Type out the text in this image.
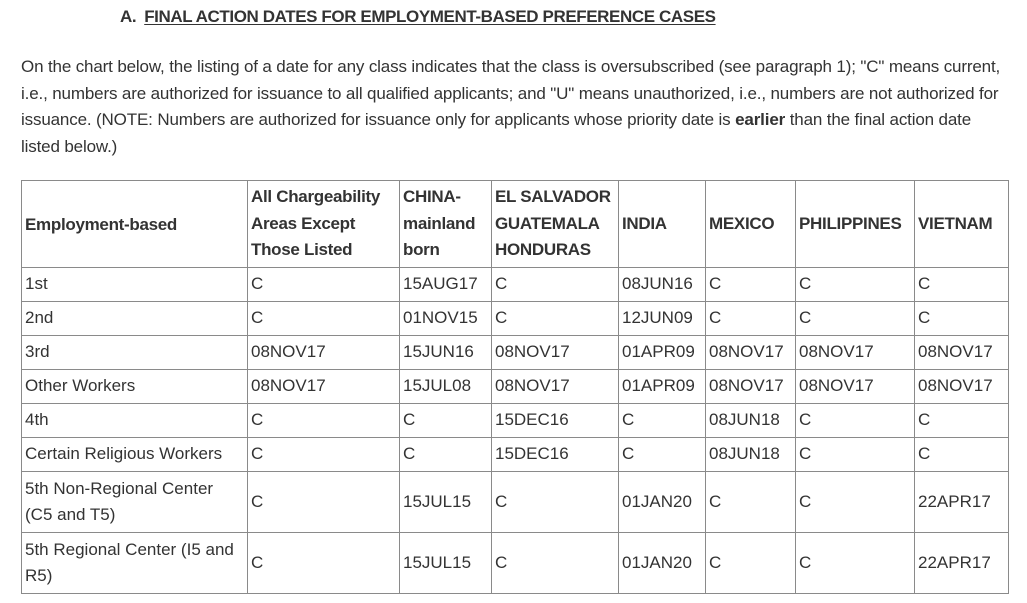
A. FINAL ACTION DATES FOR EMPLOYMENT-BASED PREFERENCE CASES

On the chart below, the listing of a date for any class indicates that the class is oversubscribed (see paragraph 1); "C" means current, i.e., numbers are authorized for issuance to all qualified applicants; and "U" means unauthorized, i.e., numbers are not authorized for issuance. (NOTE: Numbers are authorized for issuance only for applicants whose priority date is earlier than the final action date listed below.)

Employment-based	All Chargeability Areas Except Those Listed	CHINA-mainland born	EL SALVADOR GUATEMALA HONDURAS	INDIA	MEXICO	PHILIPPINES	VIETNAM
1st	C	15AUG17	C	08JUN16	C	C	C
2nd	C	01NOV15	C	12JUN09	C	C	C
3rd	08NOV17	15JUN16	08NOV17	01APR09	08NOV17	08NOV17	08NOV17
Other Workers	08NOV17	15JUL08	08NOV17	01APR09	08NOV17	08NOV17	08NOV17
4th	C	C	15DEC16	C	08JUN18	C	C
Certain Religious Workers	C	C	15DEC16	C	08JUN18	C	C
5th Non-Regional Center (C5 and T5)	C	15JUL15	C	01JAN20	C	C	22APR17
5th Regional Center (I5 and R5)	C	15JUL15	C	01JAN20	C	C	22APR17
